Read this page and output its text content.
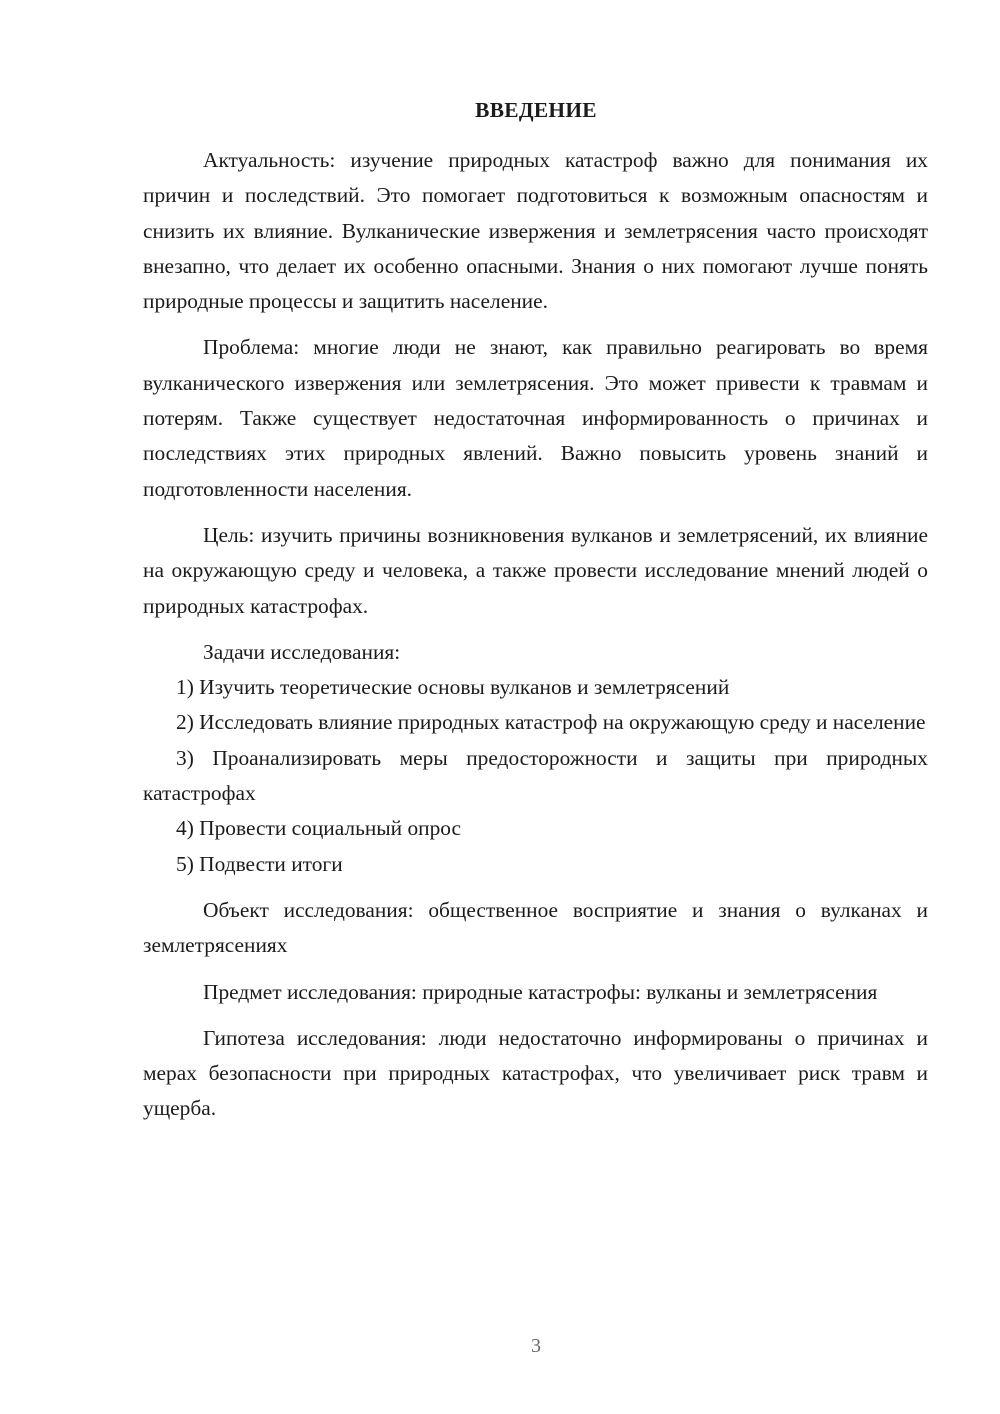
ВВЕДЕНИЕ

Актуальность: изучение природных катастроф важно для понимания их причин и последствий. Это помогает подготовиться к возможным опасностям и снизить их влияние. Вулканические извержения и землетрясения часто происходят внезапно, что делает их особенно опасными. Знания о них помогают лучше понять природные процессы и защитить население.

Проблема: многие люди не знают, как правильно реагировать во время вулканического извержения или землетрясения. Это может привести к травмам и потерям. Также существует недостаточная информированность о причинах и последствиях этих природных явлений. Важно повысить уровень знаний и подготовленности населения.

Цель: изучить причины возникновения вулканов и землетрясений, их влияние на окружающую среду и человека, а также провести исследование мнений людей о природных катастрофах.

Задачи исследования:

1) Изучить теоретические основы вулканов и землетрясений

2) Исследовать влияние природных катастроф на окружающую среду и население

3) Проанализировать меры предосторожности и защиты при природных катастрофах

4) Провести социальный опрос

5) Подвести итоги

Объект исследования: общественное восприятие и знания о вулканах и землетрясениях

Предмет исследования: природные катастрофы: вулканы и землетрясения

Гипотеза исследования: люди недостаточно информированы о причинах и мерах безопасности при природных катастрофах, что увеличивает риск травм и ущерба.

3
